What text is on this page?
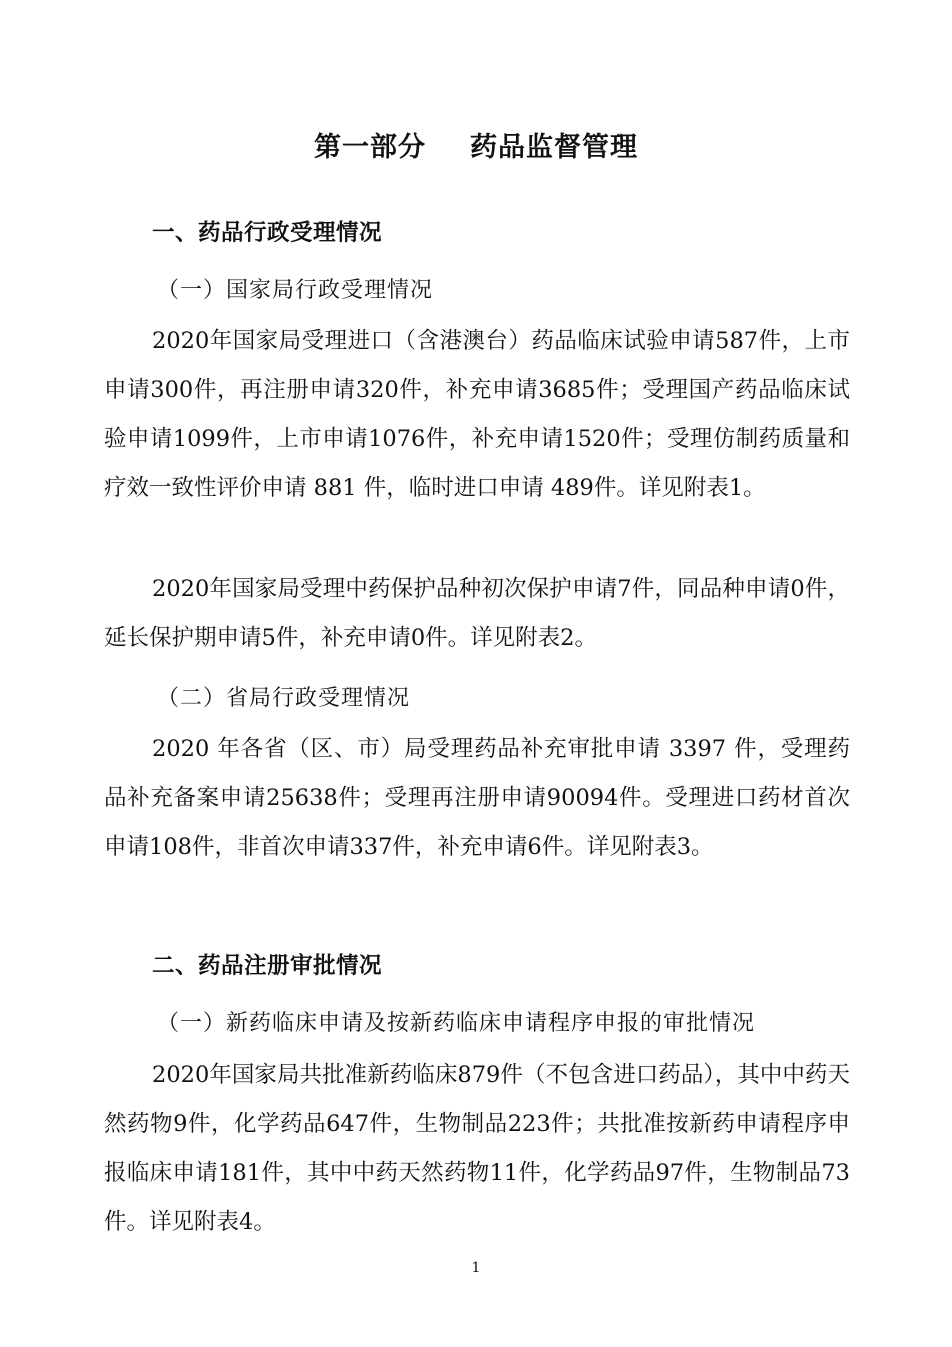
第一部分 药品监督管理
一、药品行政受理情况
（一）国家局行政受理情况

2020年国家局受理进口（含港澳台）药品临床试验申请587件，上市申请300件，再注册申请320件，补充申请3685件；受理国产药品临床试验申请1099件，上市申请1076件，补充申请1520件；受理仿制药质量和疗效一致性评价申请 881 件，临时进口申请 489件。详见附表1。

2020年国家局受理中药保护品种初次保护申请7件，同品种申请0件，延长保护期申请5件，补充申请0件。详见附表2。

（二）省局行政受理情况

2020 年各省（区、市）局受理药品补充审批申请 3397 件，受理药品补充备案申请25638件；受理再注册申请90094件。受理进口药材首次申请108件，非首次申请337件，补充申请6件。详见附表3。

二、药品注册审批情况
（一）新药临床申请及按新药临床申请程序申报的审批情况

2020年国家局共批准新药临床879件（不包含进口药品），其中中药天然药物9件，化学药品647件，生物制品223件；共批准按新药申请程序申报临床申请181件，其中中药天然药物11件，化学药品97件，生物制品73件。详见附表4。

1
